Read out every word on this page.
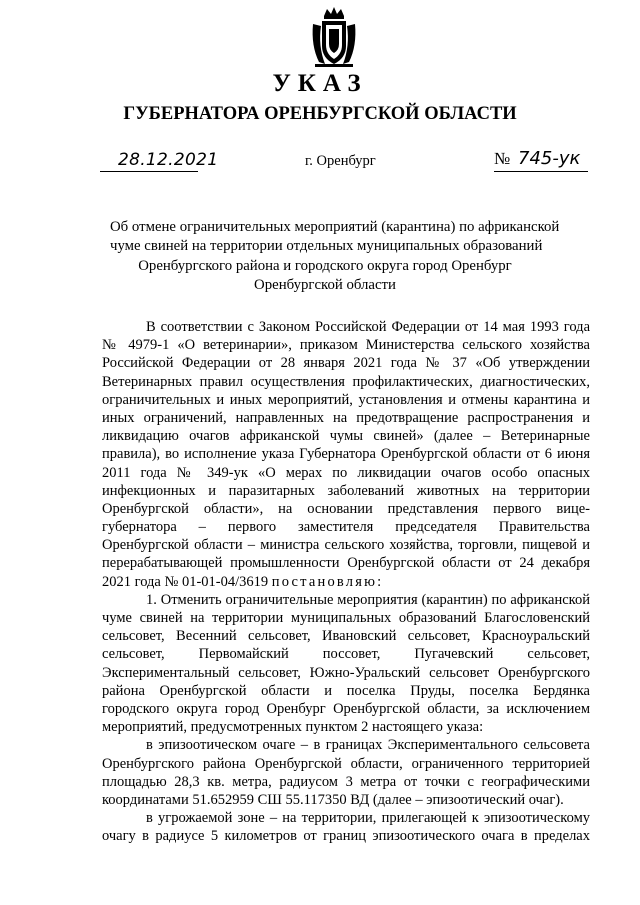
УКАЗ
ГУБЕРНАТОРА ОРЕНБУРГСКОЙ ОБЛАСТИ
28.12.2021	г. Оренбург	№ 745-ук
Об отмене ограничительных мероприятий (карантина) по африканской
чуме свиней на территории отдельных муниципальных образований
Оренбургского района и городского округа город Оренбург
Оренбургской области
В соответствии с Законом Российской Федерации от 14 мая 1993 года
№ 4979-1 «О ветеринарии», приказом Министерства сельского хозяйства
Российской Федерации от 28 января 2021 года № 37 «Об утверждении
Ветеринарных правил осуществления профилактических, диагностических,
ограничительных и иных мероприятий, установления и отмены карантина и
иных ограничений, направленных на предотвращение распространения и
ликвидацию очагов африканской чумы свиней» (далее – Ветеринарные
правила), во исполнение указа Губернатора Оренбургской области от 6 июня
2011 года № 349-ук «О мерах по ликвидации очагов особо опасных
инфекционных и паразитарных заболеваний животных на территории
Оренбургской области», на основании представления первого вице-
губернатора – первого заместителя председателя Правительства
Оренбургской области – министра сельского хозяйства, торговли, пищевой и
перерабатывающей промышленности Оренбургской области от 24 декабря
2021 года № 01-01-04/3619 постановляю:
1. Отменить ограничительные мероприятия (карантин) по африканской
чуме свиней на территории муниципальных образований Благословенский
сельсовет, Весенний сельсовет, Ивановский сельсовет, Красноуральский
сельсовет, Первомайский поссовет, Пугачевский сельсовет,
Экспериментальный сельсовет, Южно-Уральский сельсовет Оренбургского
района Оренбургской области и поселка Пруды, поселка Бердянка
городского округа город Оренбург Оренбургской области, за исключением
мероприятий, предусмотренных пунктом 2 настоящего указа:
в эпизоотическом очаге – в границах Экспериментального сельсовета
Оренбургского района Оренбургской области, ограниченного территорией
площадью 28,3 кв. метра, радиусом 3 метра от точки с географическими
координатами 51.652959 СШ 55.117350 ВД (далее – эпизоотический очаг).
в угрожаемой зоне – на территории, прилегающей к эпизоотическому
очагу в радиусе 5 километров от границ эпизоотического очага в пределах
